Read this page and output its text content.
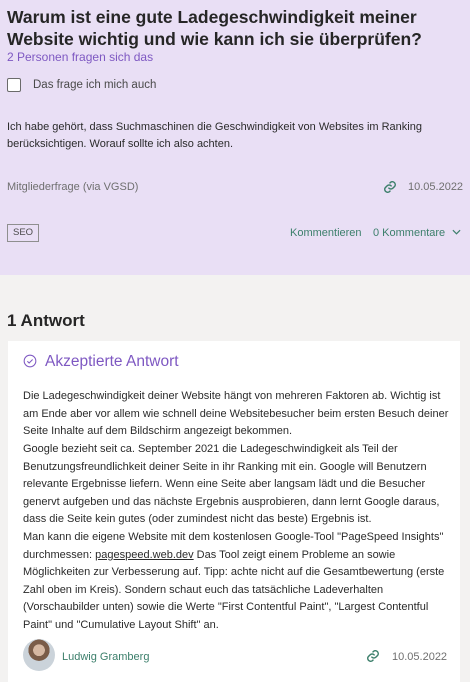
Warum ist eine gute Ladegeschwindigkeit meiner Website wichtig und wie kann ich sie überprüfen?
2 Personen fragen sich das
Das frage ich mich auch

Ich habe gehört, dass Suchmaschinen die Geschwindigkeit von Websites im Ranking berücksichtigen. Worauf sollte ich also achten.

Mitgliederfrage (via VGSD)	10.05.2022
SEO	Kommentieren 0 Kommentare
1 Antwort
Akzeptierte Antwort

Die Ladegeschwindigkeit deiner Website hängt von mehreren Faktoren ab. Wichtig ist am Ende aber vor allem wie schnell deine Websitebesucher beim ersten Besuch deiner Seite Inhalte auf dem Bildschirm angezeigt bekommen.

Google bezieht seit ca. September 2021 die Ladegeschwindigkeit als Teil der Benutzungsfreundlichkeit deiner Seite in ihr Ranking mit ein. Google will Benutzern relevante Ergebnisse liefern. Wenn eine Seite aber langsam lädt und die Besucher genervt aufgeben und das nächste Ergebnis ausprobieren, dann lernt Google daraus, dass die Seite kein gutes (oder zumindest nicht das beste) Ergebnis ist.

Man kann die eigene Website mit dem kostenlosen Google-Tool "PageSpeed Insights" durchmessen: pagespeed.web.dev Das Tool zeigt einem Probleme an sowie Möglichkeiten zur Verbesserung auf. Tipp: achte nicht auf die Gesamtbewertung (erste Zahl oben im Kreis). Sondern schaut euch das tatsächliche Ladeverhalten (Vorschaubilder unten) sowie die Werte "First Contentful Paint", "Largest Contentful Paint" und "Cumulative Layout Shift" an.

Ludwig Gramberg	10.05.2022
